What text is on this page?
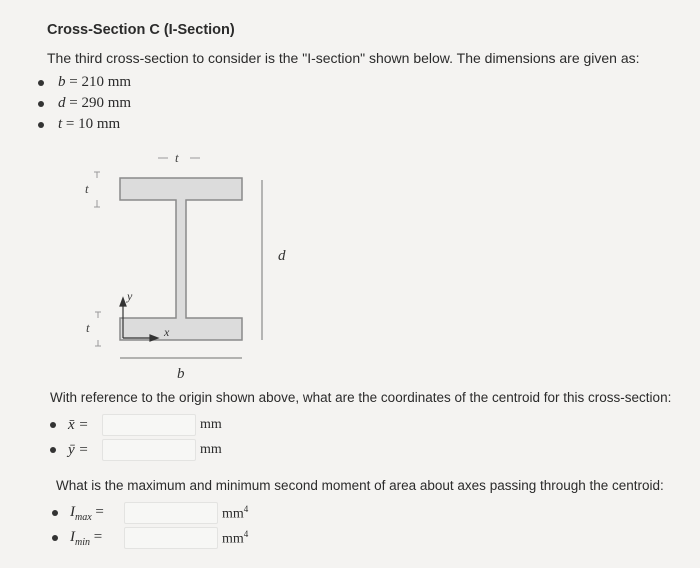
Cross-Section C (I-Section)
The third cross-section to consider is the "I-section" shown below. The dimensions are given as:
b
= 210 mm
d
= 290 mm
t
= 10 mm
t
t
t
d
b
y
x
With reference to the origin shown above, what are the coordinates of the centroid for this cross-section:
x̄ =	mm
ȳ =	mm
What is the maximum and minimum second moment of area about axes passing through the centroid:
$I_{max}$ =	$mm^4$
$I_{min}$ =	$mm^4$
